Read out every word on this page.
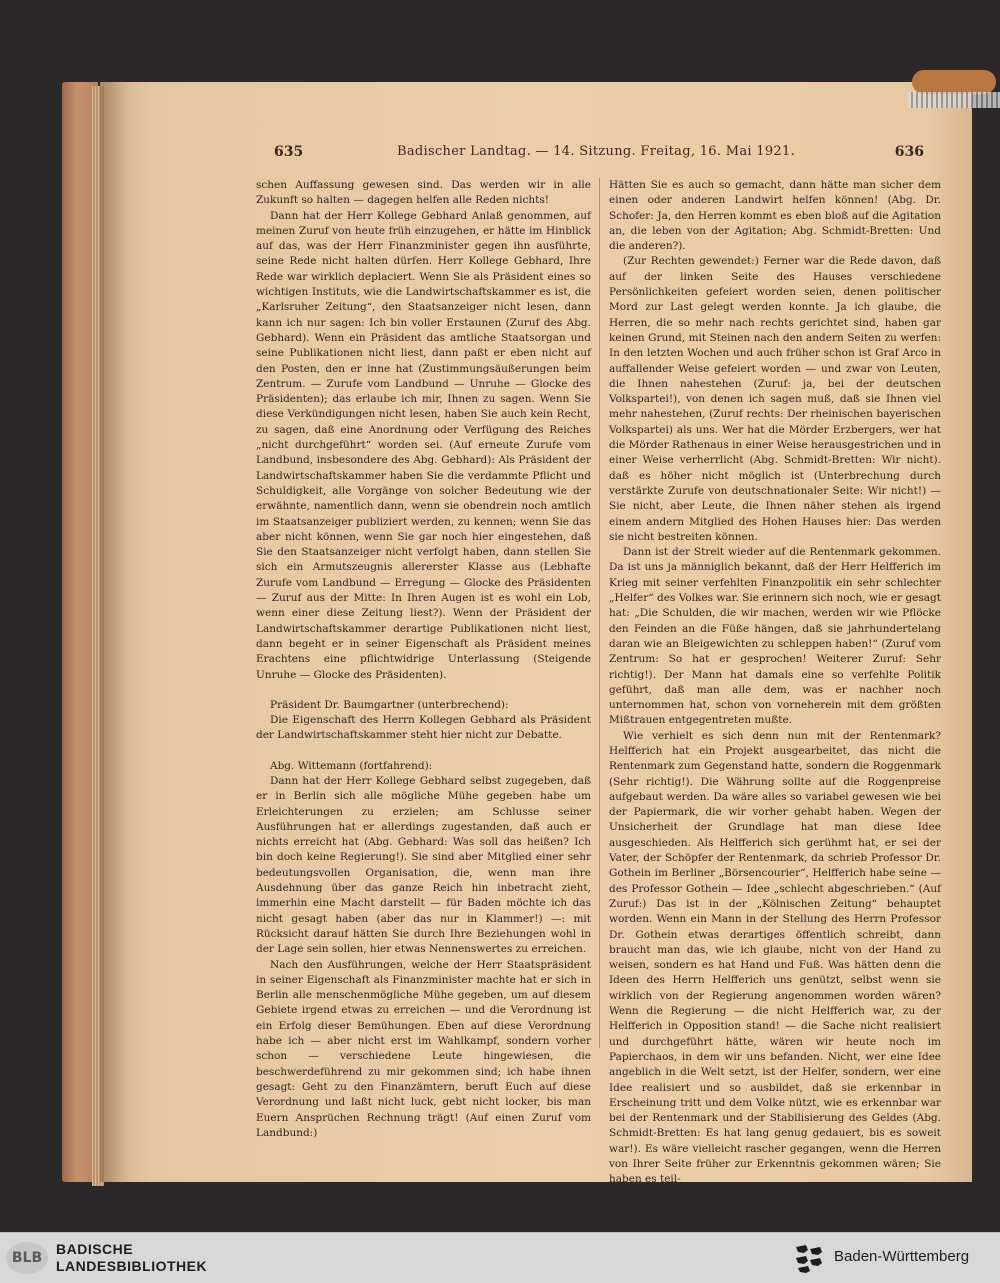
635	Badischer Landtag. — 14. Sitzung. Freitag, 16. Mai 1921.	636

schen Auffassung gewesen sind. Das werden wir in alle Zukunft so halten — dagegen helfen alle Reden nichts!

Dann hat der Herr Kollege Gebhard Anlaß genommen, auf meinen Zuruf von heute früh einzugehen, er hätte im Hinblick auf das, was der Herr Finanzminister gegen ihn ausführte, seine Rede nicht halten dürfen. Herr Kollege Gebhard, Ihre Rede war wirklich deplaciert. Wenn Sie als Präsident eines so wichtigen Instituts, wie die Landwirtschaftskammer es ist, die „Karlsruher Zeitung“, den Staatsanzeiger nicht lesen, dann kann ich nur sagen: Ich bin voller Erstaunen (Zuruf des Abg. Gebhard). Wenn ein Präsident das amtliche Staatsorgan und seine Publikationen nicht liest, dann paßt er eben nicht auf den Posten, den er inne hat (Zustimmungsäußerungen beim Zentrum. — Zurufe vom Landbund — Unruhe — Glocke des Präsidenten); das erlaube ich mir, Ihnen zu sagen. Wenn Sie diese Verkündigungen nicht lesen, haben Sie auch kein Recht, zu sagen, daß eine Anordnung oder Verfügung des Reiches „nicht durchgeführt“ worden sei. (Auf erneute Zurufe vom Landbund, insbesondere des Abg. Gebhard): Als Präsident der Landwirtschaftskammer haben Sie die verdammte Pflicht und Schuldigkeit, alle Vorgänge von solcher Bedeutung wie der erwähnte, namentlich dann, wenn sie obendrein noch amtlich im Staatsanzeiger publiziert werden, zu kennen; wenn Sie das aber nicht können, wenn Sie gar noch hier eingestehen, daß Sie den Staatsanzeiger nicht verfolgt haben, dann stellen Sie sich ein Armutszeugnis allererster Klasse aus (Lebhafte Zurufe vom Landbund — Erregung — Glocke des Präsidenten — Zuruf aus der Mitte: In Ihren Augen ist es wohl ein Lob, wenn einer diese Zeitung liest?). Wenn der Präsident der Landwirtschaftskammer derartige Publikationen nicht liest, dann begeht er in seiner Eigenschaft als Präsident meines Erachtens eine pflichtwidrige Unterlassung (Steigende Unruhe — Glocke des Präsidenten).

Präsident Dr. Baumgartner (unterbrechend):

Die Eigenschaft des Herrn Kollegen Gebhard als Präsident der Landwirtschaftskammer steht hier nicht zur Debatte.

Abg. Wittemann (fortfahrend):

Dann hat der Herr Kollege Gebhard selbst zugegeben, daß er in Berlin sich alle mögliche Mühe gegeben habe um Erleichterungen zu erzielen; am Schlusse seiner Ausführungen hat er allerdings zugestanden, daß auch er nichts erreicht hat (Abg. Gebhard: Was soll das heißen? Ich bin doch keine Regierung!). Sie sind aber Mitglied einer sehr bedeutungsvollen Organisation, die, wenn man ihre Ausdehnung über das ganze Reich hin inbetracht zieht, immerhin eine Macht darstellt — für Baden möchte ich das nicht gesagt haben (aber das nur in Klammer!) —: mit Rücksicht darauf hätten Sie durch Ihre Beziehungen wohl in der Lage sein sollen, hier etwas Nennenswertes zu erreichen.

Nach den Ausführungen, welche der Herr Staatspräsident in seiner Eigenschaft als Finanzminister machte hat er sich in Berlin alle menschenmögliche Mühe gegeben, um auf diesem Gebiete irgend etwas zu erreichen — und die Verordnung ist ein Erfolg dieser Bemühungen. Eben auf diese Verordnung habe ich — aber nicht erst im Wahlkampf, sondern vorher schon — verschiedene Leute hingewiesen, die beschwerdeführend zu mir gekommen sind; ich habe ihnen gesagt: Geht zu den Finanzämtern, beruft Euch auf diese Verordnung und laßt nicht luck, gebt nicht locker, bis man Euern Ansprüchen Rechnung trägt! (Auf einen Zuruf vom Landbund:)

Hätten Sie es auch so gemacht, dann hätte man sicher dem einen oder anderen Landwirt helfen können! (Abg. Dr. Schofer: Ja, den Herren kommt es eben bloß auf die Agitation an, die leben von der Agitation; Abg. Schmidt-Bretten: Und die anderen?).

(Zur Rechten gewendet:) Ferner war die Rede davon, daß auf der linken Seite des Hauses verschiedene Persönlichkeiten gefeiert worden seien, denen politischer Mord zur Last gelegt werden konnte. Ja ich glaube, die Herren, die so mehr nach rechts gerichtet sind, haben gar keinen Grund, mit Steinen nach den andern Seiten zu werfen: In den letzten Wochen und auch früher schon ist Graf Arco in auffallender Weise gefeiert worden — und zwar von Leuten, die Ihnen nahestehen (Zuruf: ja, bei der deutschen Volkspartei!), von denen ich sagen muß, daß sie Ihnen viel mehr nahestehen, (Zuruf rechts: Der rheinischen bayerischen Volkspartei) als uns. Wer hat die Mörder Erzbergers, wer hat die Mörder Rathenaus in einer Weise herausgestrichen und in einer Weise verherrlicht (Abg. Schmidt-Bretten: Wir nicht). daß es höher nicht möglich ist (Unterbrechung durch verstärkte Zurufe von deutschnationaler Seite: Wir nicht!) — Sie nicht, aber Leute, die Ihnen näher stehen als irgend einem andern Mitglied des Hohen Hauses hier: Das werden sie nicht bestreiten können.

Dann ist der Streit wieder auf die Rentenmark gekommen. Da ist uns ja männiglich bekannt, daß der Herr Helfferich im Krieg mit seiner verfehlten Finanzpolitik ein sehr schlechter „Helfer“ des Volkes war. Sie erinnern sich noch, wie er gesagt hat: „Die Schulden, die wir machen, werden wir wie Pflöcke den Feinden an die Füße hängen, daß sie jahrhundertelang daran wie an Bleigewichten zu schleppen haben!“ (Zuruf vom Zentrum: So hat er gesprochen! Weiterer Zuruf: Sehr richtig!). Der Mann hat damals eine so verfehlte Politik geführt, daß man alle dem, was er nachher noch unternommen hat, schon von vorneherein mit dem größten Mißtrauen entgegentreten mußte.

Wie verhielt es sich denn nun mit der Rentenmark? Helfferich hat ein Projekt ausgearbeitet, das nicht die Rentenmark zum Gegenstand hatte, sondern die Roggenmark (Sehr richtig!). Die Währung sollte auf die Roggenpreise aufgebaut werden. Da wäre alles so variabel gewesen wie bei der Papiermark, die wir vorher gehabt haben. Wegen der Unsicherheit der Grundlage hat man diese Idee ausgeschieden. Als Helfferich sich gerühmt hat, er sei der Vater, der Schöpfer der Rentenmark, da schrieb Professor Dr. Gothein im Berliner „Börsencourier“, Helfferich habe seine — des Professor Gothein — Idee „schlecht abgeschrieben.“ (Auf Zuruf:) Das ist in der „Kölnischen Zeitung“ behauptet worden. Wenn ein Mann in der Stellung des Herrn Professor Dr. Gothein etwas derartiges öffentlich schreibt, dann braucht man das, wie ich glaube, nicht von der Hand zu weisen, sondern es hat Hand und Fuß. Was hätten denn die Ideen des Herrn Helfferich uns genützt, selbst wenn sie wirklich von der Regierung angenommen worden wären? Wenn die Regierung — die nicht Helfferich war, zu der Helfferich in Opposition stand! — die Sache nicht realisiert und durchgeführt hätte, wären wir heute noch im Papierchaos, in dem wir uns befanden. Nicht, wer eine Idee angeblich in die Welt setzt, ist der Helfer, sondern, wer eine Idee realisiert und so ausbildet, daß sie erkennbar in Erscheinung tritt und dem Volke nützt, wie es erkennbar war bei der Rentenmark und der Stabilisierung des Geldes (Abg. Schmidt-Bretten: Es hat lang genug gedauert, bis es soweit war!). Es wäre vielleicht rascher gegangen, wenn die Herren von Ihrer Seite früher zur Erkenntnis gekommen wären; Sie haben es teil-

BLB
BADISCHE
LANDESBIBLIOTHEK
Baden-Württemberg
